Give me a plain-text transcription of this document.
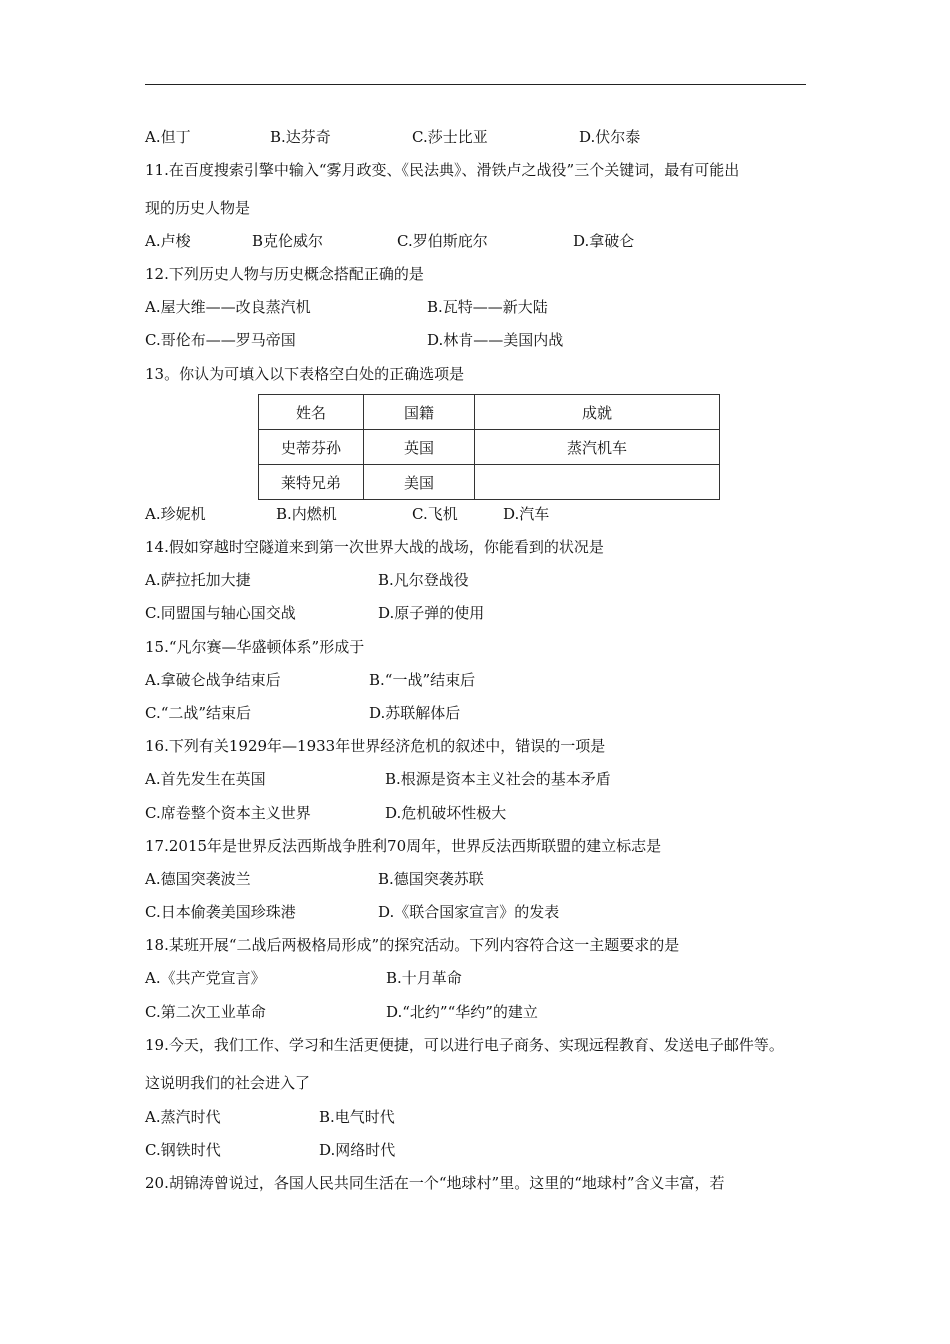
A.但丁	B.达芬奇	C.莎士比亚	D.伏尔泰
11.在百度搜索引擎中输入“雾月政变、《民法典》、滑铁卢之战役”三个关键词，最有可能出
现的历史人物是
A.卢梭	B克伦威尔	C.罗伯斯庇尔	D.拿破仑
12.下列历史人物与历史概念搭配正确的是
A.屋大维——改良蒸汽机	B.瓦特——新大陆
C.哥伦布——罗马帝国	D.林肯——美国内战
13。你认为可填入以下表格空白处的正确选项是
姓名	国籍	成就
史蒂芬孙	英国	蒸汽机车
莱特兄弟	美国	
A.珍妮机	B.内燃机	C.飞机	D.汽车
14.假如穿越时空隧道来到第一次世界大战的战场，你能看到的状况是
A.萨拉托加大捷	B.凡尔登战役
C.同盟国与轴心国交战	D.原子弹的使用
15.“凡尔赛—华盛顿体系”形成于
A.拿破仑战争结束后	B.“一战”结束后
C.“二战”结束后	D.苏联解体后
16.下列有关1929年—1933年世界经济危机的叙述中，错误的一项是
A.首先发生在英国	B.根源是资本主义社会的基本矛盾
C.席卷整个资本主义世界	D.危机破坏性极大
17.2015年是世界反法西斯战争胜利70周年，世界反法西斯联盟的建立标志是
A.德国突袭波兰	B.德国突袭苏联
C.日本偷袭美国珍珠港	D.《联合国家宣言》的发表
18.某班开展“二战后两极格局形成”的探究活动。下列内容符合这一主题要求的是
A.《共产党宣言》	B.十月革命
C.第二次工业革命	D.“北约”“华约”的建立
19.今天，我们工作、学习和生活更便捷，可以进行电子商务、实现远程教育、发送电子邮件等。
这说明我们的社会进入了
A.蒸汽时代	B.电气时代
C.钢铁时代	D.网络时代
20.胡锦涛曾说过，各国人民共同生活在一个“地球村”里。这里的“地球村”含义丰富，若
